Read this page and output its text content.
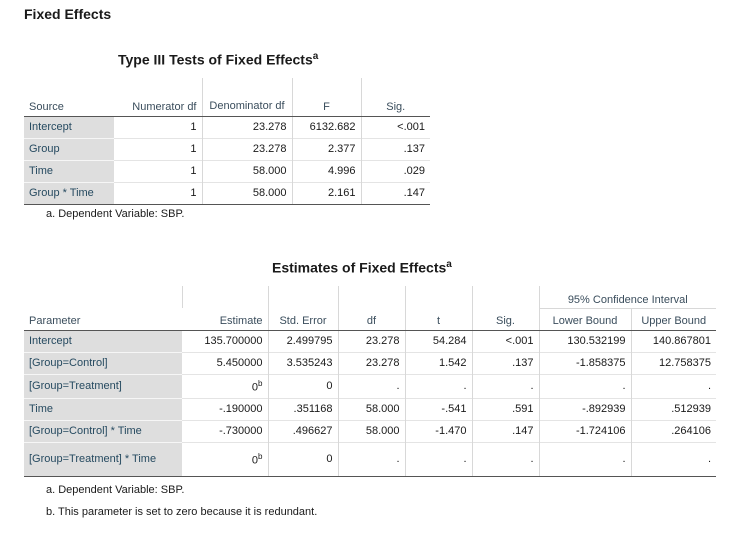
Fixed Effects
Type III Tests of Fixed Effects$^a$
Source	Numerator df	Denominator df	F	Sig.
Intercept	1	23.278	6132.682	<.001
Group	1	23.278	2.377	.137
Time	1	58.000	4.996	.029
Group * Time	1	58.000	2.161	.147
a. Dependent Variable: SBP.
Estimates of Fixed Effects$^a$
						95% Confidence Interval	
Parameter	Estimate	Std. Error	df	t	Sig.	Lower Bound	Upper Bound
Intercept	135.700000	2.499795	23.278	54.284	<.001	130.532199	140.867801
[Group=Control]	5.450000	3.535243	23.278	1.542	.137	-1.858375	12.758375
[Group=Treatment]	0$^b$	0	.	.	.	.	.
Time	-.190000	.351168	58.000	-.541	.591	-.892939	.512939
[Group=Control] * Time	-.730000	.496627	58.000	-1.470	.147	-1.724106	.264106
[Group=Treatment] * Time	0$^b$	0	.	.	.	.	.
a. Dependent Variable: SBP.
b. This parameter is set to zero because it is redundant.
